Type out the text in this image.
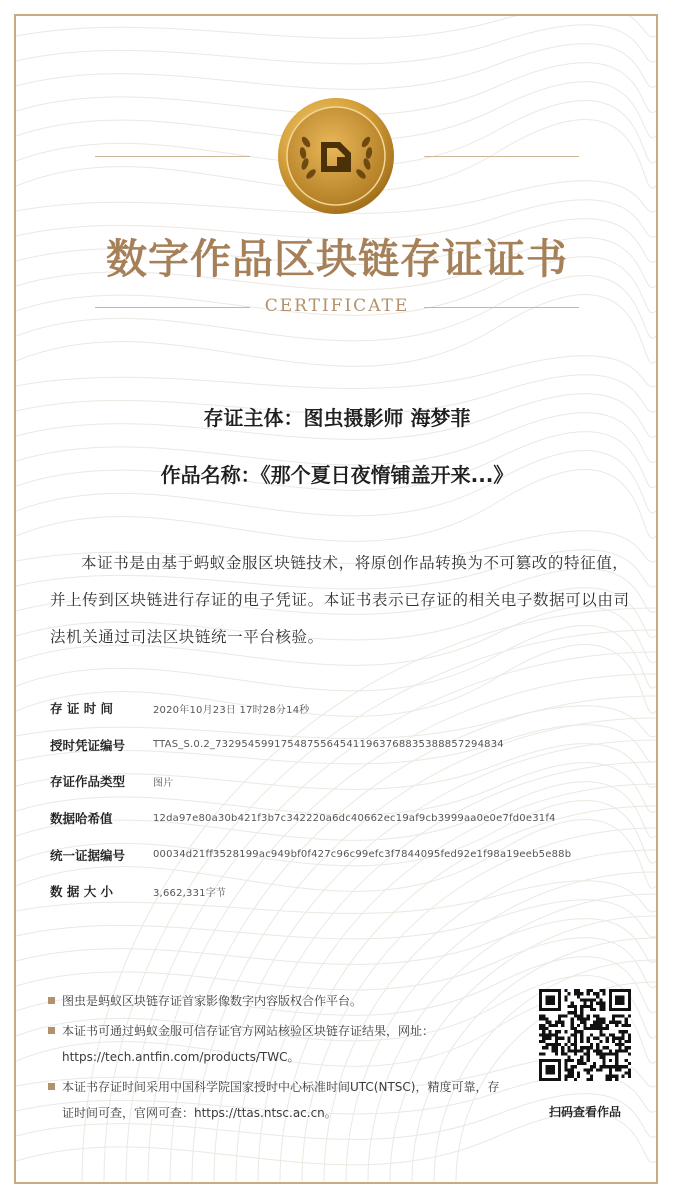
数字作品区块链存证证书
CERTIFICATE
存证主体：图虫摄影师 海梦菲
作品名称：《那个夏日夜惰铺盖开来...》
本证书是由基于蚂蚁金服区块链技术，将原创作品转换为不可篡改的特征值，并上传到区块链进行存证的电子凭证。本证书表示已存证的相关电子数据可以由司法机关通过司法区块链统一平台核验。
存 证 时 间	2020年10月23日 17时28分14秒
授时凭证编号	TTAS_S.0.2_73295459917548755645411963768835388857294834
存证作品类型	图片
数据哈希值	12da97e80a30b421f3b7c342220a6dc40662ec19af9cb3999aa0e0e7fd0e31f4
统一证据编号	00034d21ff3528199ac949bf0f427c96c99efc3f7844095fed92e1f98a19eeb5e88b
数 据 大 小	3,662,331字节
图虫是蚂蚁区块链存证首家影像数字内容版权合作平台。
本证书可通过蚂蚁金服可信存证官方网站核验区块链存证结果，网址：https://tech.antfin.com/products/TWC。
本证书存证时间采用中国科学院国家授时中心标准时间UTC(NTSC)，精度可靠，存证时间可查，官网可查：https://ttas.ntsc.ac.cn。	扫码查看作品
